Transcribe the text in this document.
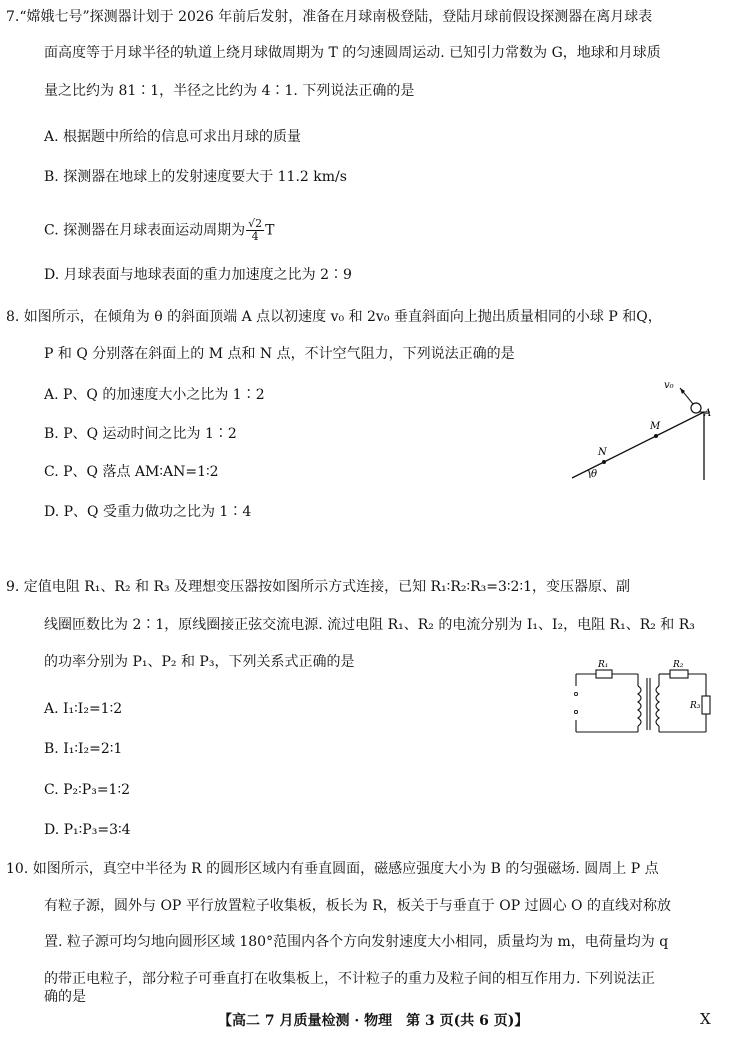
7.“嫦娥七号”探测器计划于 2026 年前后发射，准备在月球南极登陆，登陆月球前假设探测器在离月球表
面高度等于月球半径的轨道上绕月球做周期为 T 的匀速圆周运动. 已知引力常数为 G，地球和月球质
量之比约为 81∶1，半径之比约为 4∶1. 下列说法正确的是
A. 根据题中所给的信息可求出月球的质量
B. 探测器在地球上的发射速度要大于 11.2 km/s
C. 探测器在月球表面运动周期为 $\frac{√2}{4}$ T
D. 月球表面与地球表面的重力加速度之比为 2∶9
8. 如图所示，在倾角为 θ 的斜面顶端 A 点以初速度 v₀ 和 2v₀ 垂直斜面向上抛出质量相同的小球 P 和Q，
P 和 Q 分别落在斜面上的 M 点和 N 点，不计空气阻力，下列说法正确的是
A. P、Q 的加速度大小之比为 1∶2
B. P、Q 运动时间之比为 1∶2
C. P、Q 落点 AM∶AN=1∶2
D. P、Q 受重力做功之比为 1∶4
v₀
A
M
N
θ
9. 定值电阻 R₁、R₂ 和 R₃ 及理想变压器按如图所示方式连接，已知 R₁∶R₂∶R₃=3∶2∶1，变压器原、副
线圈匝数比为 2∶1，原线圈接正弦交流电源. 流过电阻 R₁、R₂ 的电流分别为 I₁、I₂，电阻 R₁、R₂ 和 R₃
的功率分别为 P₁、P₂ 和 P₃，下列关系式正确的是
A. I₁∶I₂=1∶2
B. I₁∶I₂=2∶1
C. P₂∶P₃=1∶2
D. P₁∶P₃=3∶4
R₁	R₂
R₃
10. 如图所示，真空中半径为 R 的圆形区域内有垂直圆面，磁感应强度大小为 B 的匀强磁场. 圆周上 P 点
有粒子源，圆外与 OP 平行放置粒子收集板，板长为 R，板关于与垂直于 OP 过圆心 O 的直线对称放
置. 粒子源可均匀地向圆形区域 180°范围内各个方向发射速度大小相同，质量均为 m，电荷量均为 q
的带正电粒子，部分粒子可垂直打在收集板上，不计粒子的重力及粒子间的相互作用力. 下列说法正
确的是
【高二 7 月质量检测 · 物理　第 3 页(共 6 页)】	X
